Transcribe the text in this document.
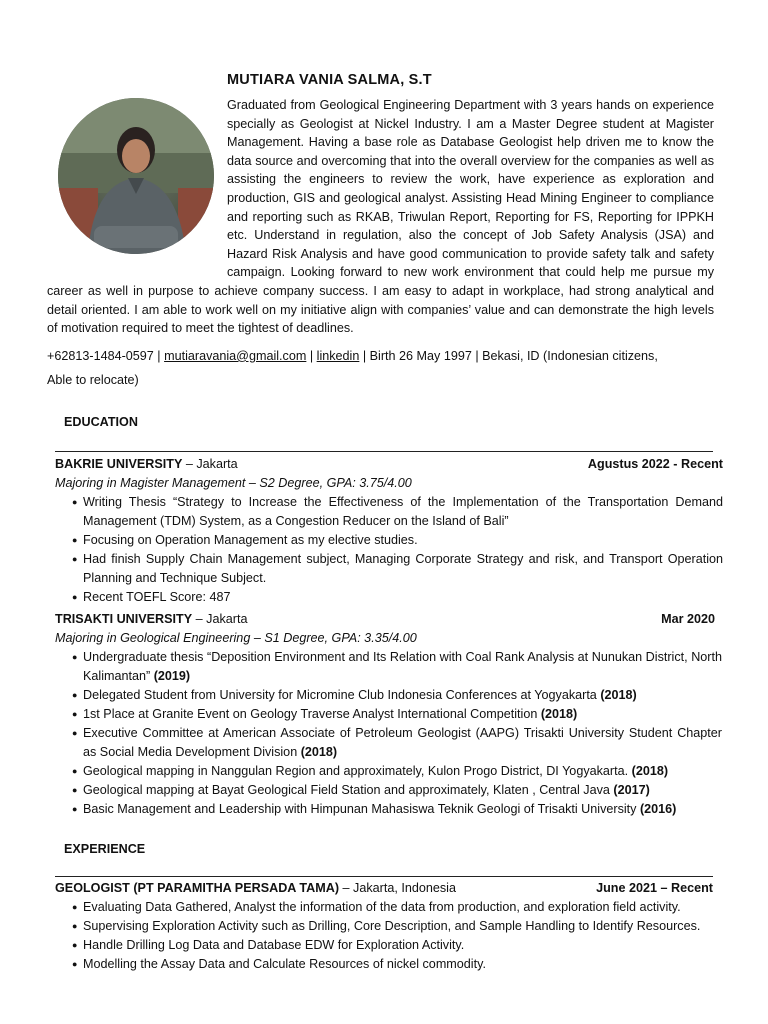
MUTIARA VANIA SALMA, S.T
Graduated from Geological Engineering Department with 3 years hands on experience specially as Geologist at Nickel Industry. I am a Master Degree student at Magister Management. Having a base role as Database Geologist help driven me to know the data source and overcoming that into the overall overview for the companies as well as assisting the engineers to review the work, have experience as exploration and production, GIS and geological analyst. Assisting Head Mining Engineer to compliance and reporting such as RKAB, Triwulan Report, Reporting for FS, Reporting for IPPKH etc. Understand in regulation, also the concept of Job Safety Analysis (JSA) and Hazard Risk Analysis and have good communication to provide safety talk and safety campaign. Looking forward to new work environment that could help me pursue my career as well in purpose to achieve company success. I am easy to adapt in workplace, had strong analytical and detail oriented. I am able to work well on my initiative align with companies’ value and can demonstrate the high levels of motivation required to meet the tightest of deadlines.
+62813-1484-0597 | mutiaravania@gmail.com | linkedin | Birth 26 May 1997 | Bekasi, ID (Indonesian citizens,
Able to relocate)
EDUCATION
BAKRIE UNIVERSITY – Jakarta	Agustus 2022 - Recent
Majoring in Magister Management – S2 Degree, GPA: 3.75/4.00
● Writing Thesis “Strategy to Increase the Effectiveness of the Implementation of the Transportation Demand Management (TDM) System, as a Congestion Reducer on the Island of Bali”
● Focusing on Operation Management as my elective studies.
● Had finish Supply Chain Management subject, Managing Corporate Strategy and risk, and Transport Operation Planning and Technique Subject.
● Recent TOEFL Score: 487
TRISAKTI UNIVERSITY – Jakarta	Mar 2020
Majoring in Geological Engineering – S1 Degree, GPA: 3.35/4.00
● Undergraduate thesis “Deposition Environment and Its Relation with Coal Rank Analysis at Nunukan District, North Kalimantan” (2019)
● Delegated Student from University for Micromine Club Indonesia Conferences at Yogyakarta (2018)
● 1st Place at Granite Event on Geology Traverse Analyst International Competition (2018)
● Executive Committee at American Associate of Petroleum Geologist (AAPG) Trisakti University Student Chapter as Social Media Development Division (2018)
● Geological mapping in Nanggulan Region and approximately, Kulon Progo District, DI Yogyakarta. (2018)
● Geological mapping at Bayat Geological Field Station and approximately, Klaten , Central Java (2017)
● Basic Management and Leadership with Himpunan Mahasiswa Teknik Geologi of Trisakti University (2016)
EXPERIENCE
GEOLOGIST (PT PARAMITHA PERSADA TAMA) – Jakarta, Indonesia	June 2021 – Recent
● Evaluating Data Gathered, Analyst the information of the data from production, and exploration field activity.
● Supervising Exploration Activity such as Drilling, Core Description, and Sample Handling to Identify Resources.
● Handle Drilling Log Data and Database EDW for Exploration Activity.
● Modelling the Assay Data and Calculate Resources of nickel commodity.
